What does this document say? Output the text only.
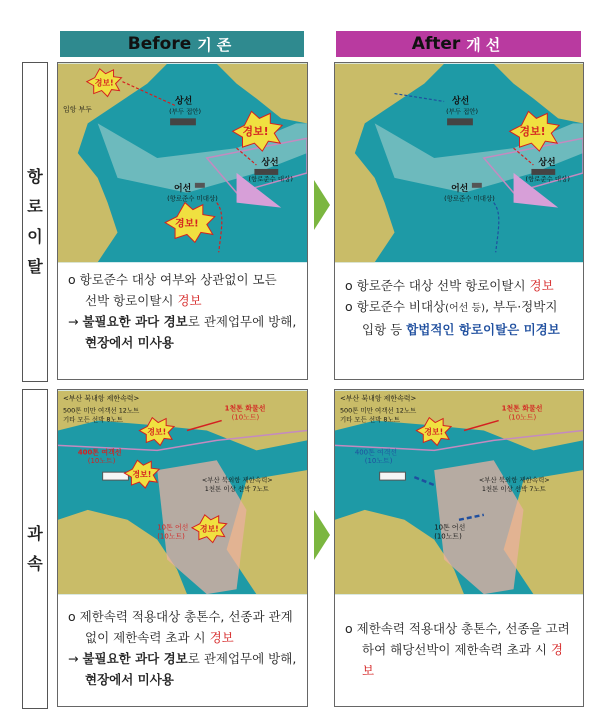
Before 기존	After 개선
항
로
이
탈
과
속
입항 부두
경보!
상선
(부두 접안)
경보!
상선
(항로준수 대상)
어선
(항로준수 미대상)
경보!
o 항로준수 대상 여부와 상관없이 모든
선박 항로이탈시 경보
→ 불필요한 과다 경보로 관제업무에 방해,
현장에서 미사용
상선
(부두 접안)
경보!
상선
(항로준수 대상)
어선
(항로준수 미대상)
o 항로준수 대상 선박 항로이탈시 경보
o 항로준수 비대상(어선 등), 부두·정박지
입항 등 합법적인 항로이탈은 미경보
<부산 북내항 제한속력>
500톤 미만 여객선 12노트
기타 모든 선박 8노트
1천톤 화물선
(10노트)
경보!
400톤 여객선
(10노트)
경보!
<부산 북외항 제한속력>
1천톤 이상 선박 7노트
10톤 어선
(10노트)
경보!
o 제한속력 적용대상 총톤수, 선종과 관계
없이 제한속력 초과 시 경보
→ 불필요한 과다 경보로 관제업무에 방해,
현장에서 미사용
<부산 북내항 제한속력>
500톤 미만 여객선 12노트
기타 모든 선박 8노트
1천톤 화물선
(10노트)
경보!
400톤 여객선
(10노트)
<부산 북외항 제한속력>
1천톤 이상 선박 7노트
10톤 어선
(10노트)
o 제한속력 적용대상 총톤수, 선종을 고려
하여 해당선박이 제한속력 초과 시 경보
